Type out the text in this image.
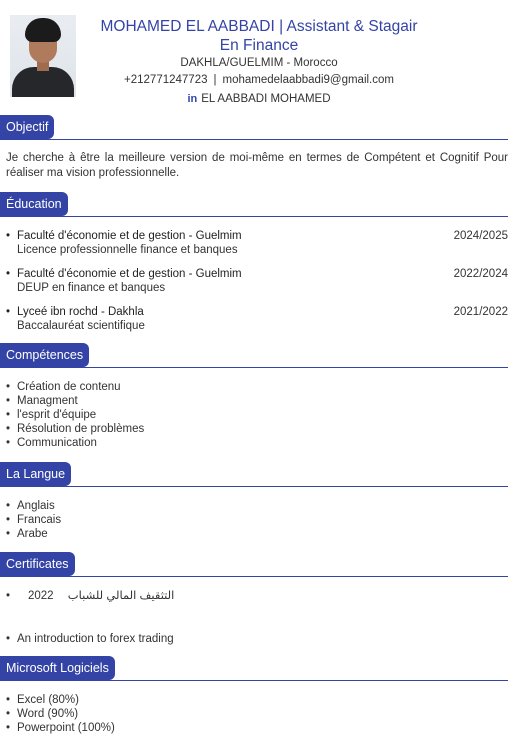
MOHAMED EL AABBADI | Assistant & Stagair
En Finance
DAKHLA/GUELMIM - Morocco
+212771247723 | mohamedelaabbadi9@gmail.com
in EL AABBADI MOHAMED
Objectif
Je cherche à être la meilleure version de moi-même en termes de Compétent et Cognitif Pour réaliser ma vision professionnelle.
Éducation
• Faculté d'économie et de gestion - Guelmim	2024/2025
Licence professionnelle finance et banques
• Faculté d'économie et de gestion - Guelmim	2022/2024
DEUP en finance et banques
• Lyceé ibn rochd - Dakhla	2021/2022
Baccalauréat scientifique
Compétences
• Création de contenu
• Managment
• l'esprit d'équipe
• Résolution de problèmes
• Communication
La Langue
• Anglais
• Francais
• Arabe
Certificates
• 2022 التثقيف المالي للشباب
• An introduction to forex trading
Microsoft Logiciels
• Excel (80%)
• Word (90%)
• Powerpoint (100%)
